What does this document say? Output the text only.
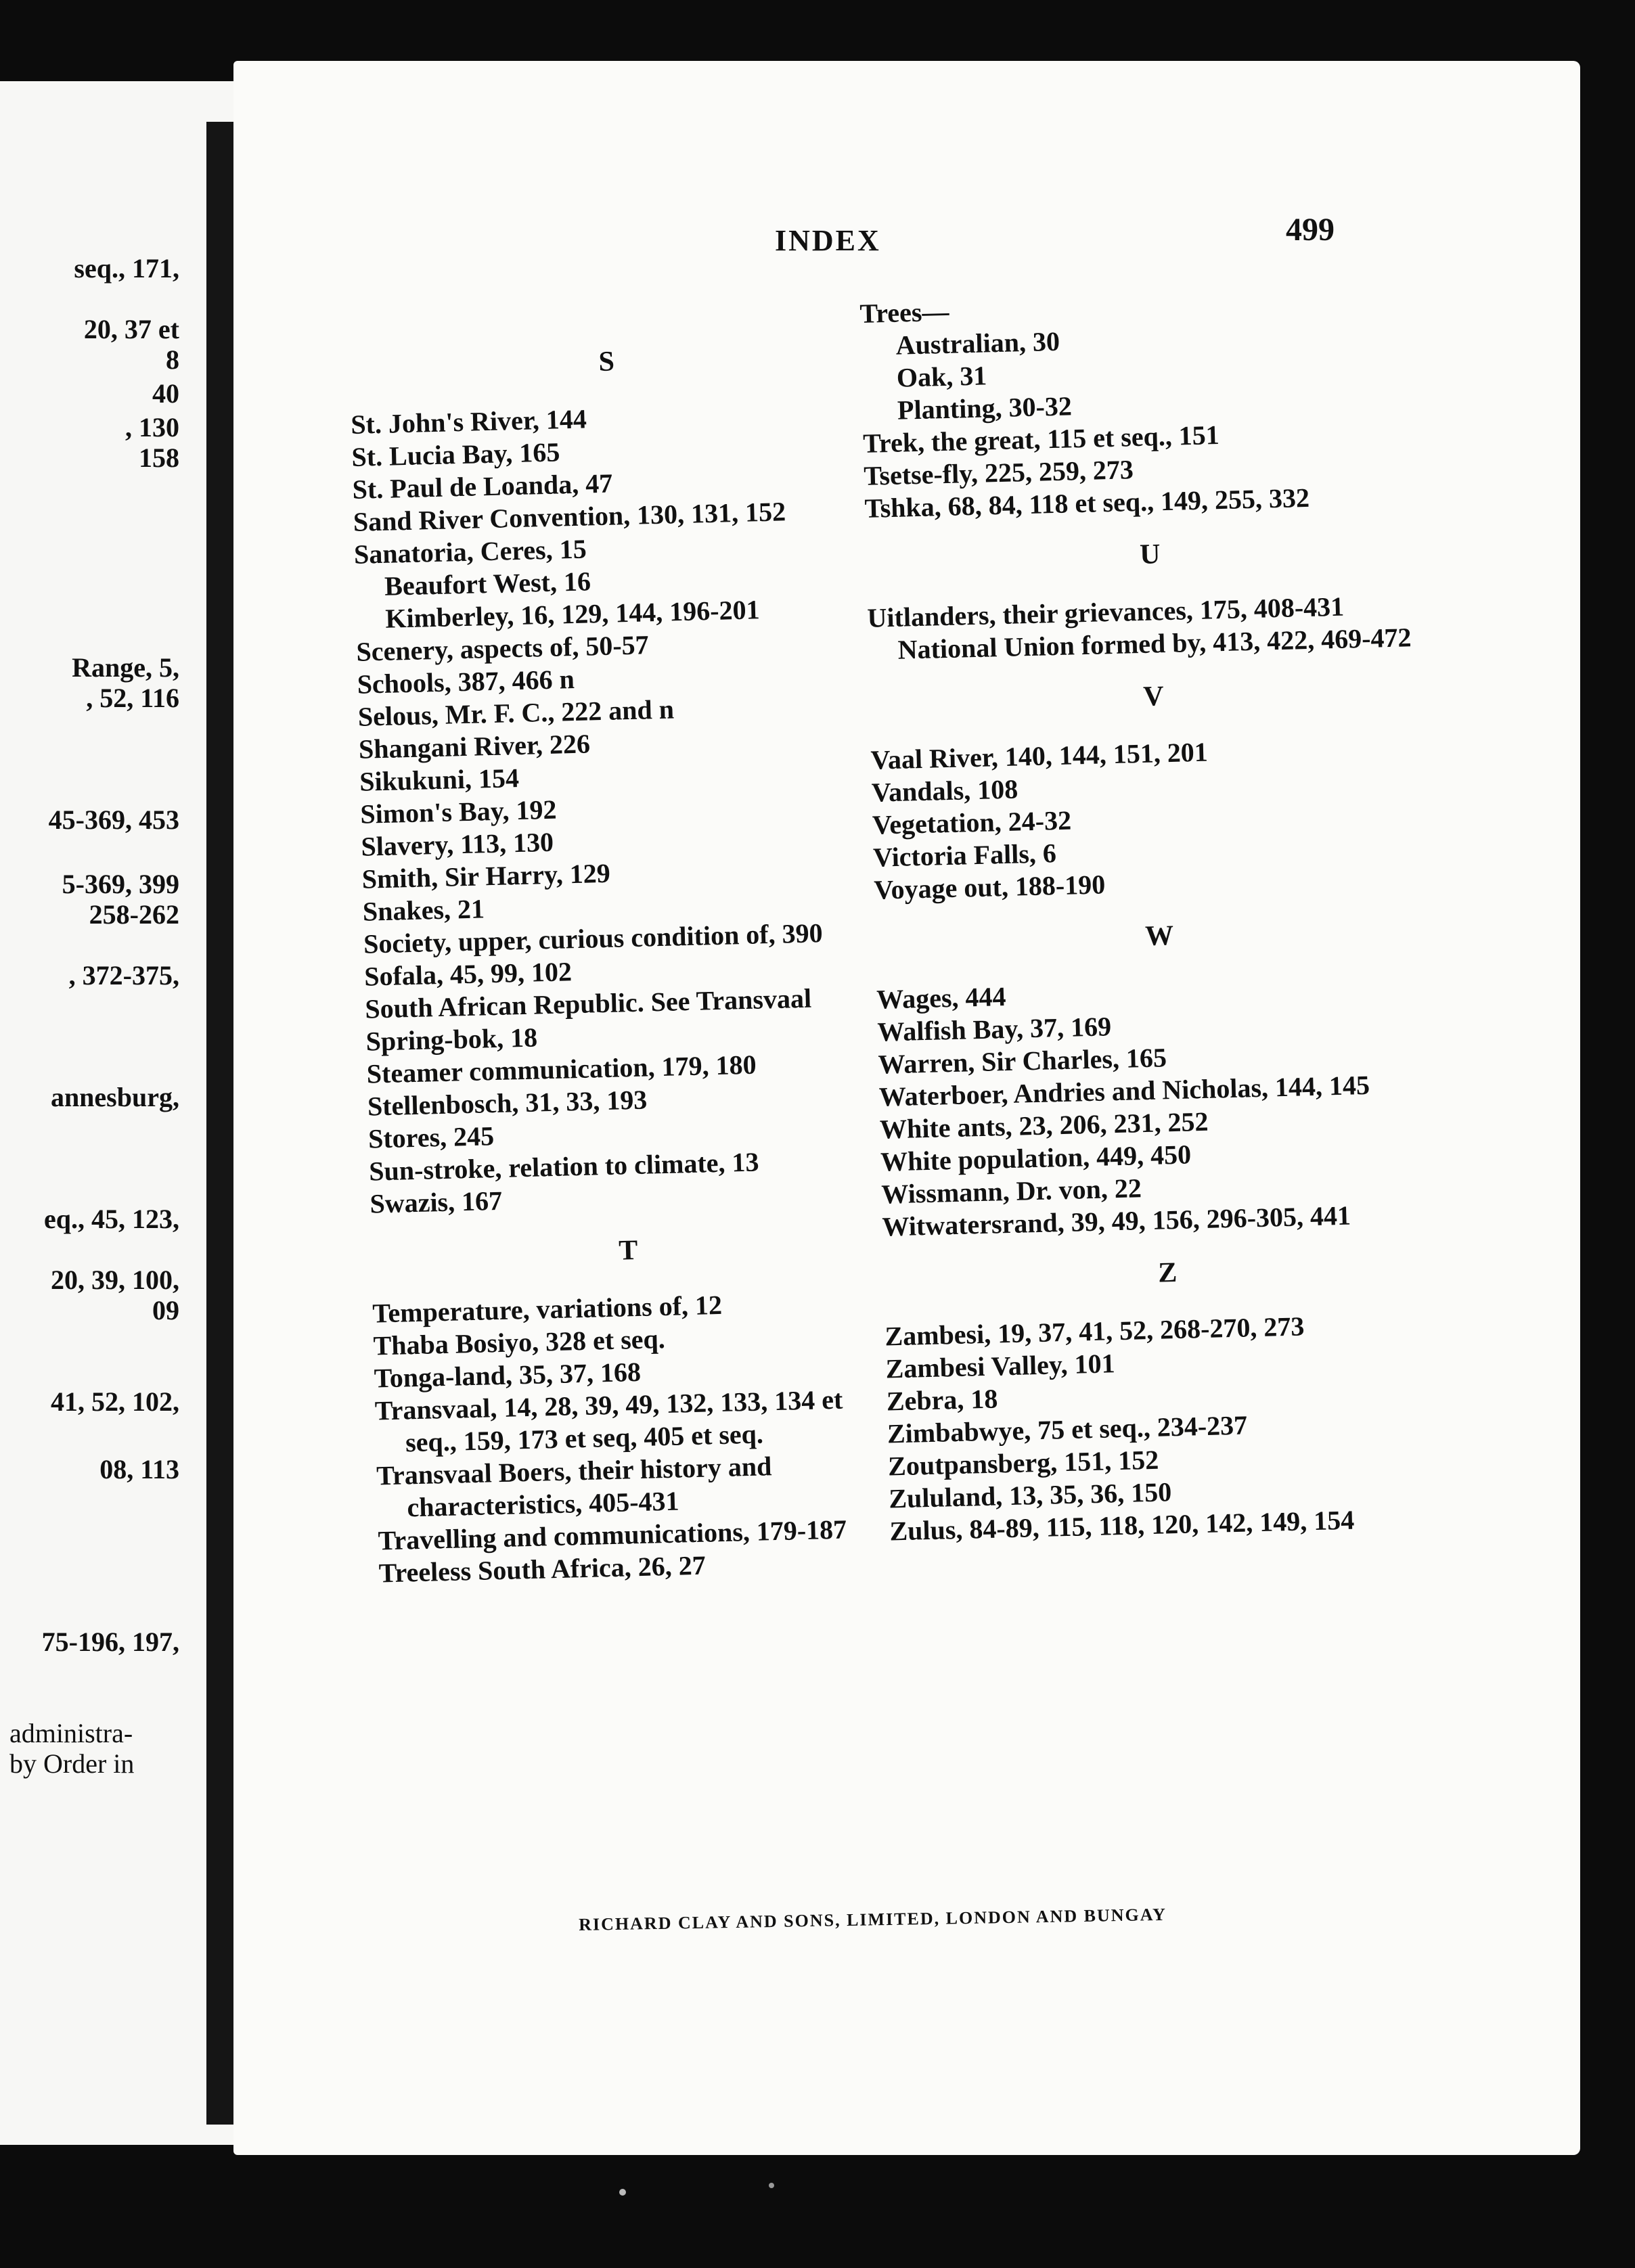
seq., 171,
20, 37 et
8
40
, 130
158
Range, 5,
, 52, 116
45-369, 453
5-369, 399
258-262
, 372-375,
annesburg,
eq., 45, 123,
20, 39, 100,
09
41, 52, 102,
08, 113
75-196, 197,
administra-
by Order in
INDEX	499
S

St. John's River, 144

St. Lucia Bay, 165

St. Paul de Loanda, 47

Sand River Convention, 130, 131, 152

Sanatoria, Ceres, 15

Beaufort West, 16

Kimberley, 16, 129, 144, 196-201

Scenery, aspects of, 50-57

Schools, 387, 466 n

Selous, Mr. F. C., 222 and n

Shangani River, 226

Sikukuni, 154

Simon's Bay, 192

Slavery, 113, 130

Smith, Sir Harry, 129

Snakes, 21

Society, upper, curious condition of, 390

Sofala, 45, 99, 102

South African Republic. See Transvaal

Spring-bok, 18

Steamer communication, 179, 180

Stellenbosch, 31, 33, 193

Stores, 245

Sun-stroke, relation to climate, 13

Swazis, 167

T

Temperature, variations of, 12

Thaba Bosiyo, 328 et seq.

Tonga-land, 35, 37, 168

Transvaal, 14, 28, 39, 49, 132, 133, 134 et seq., 159, 173 et seq, 405 et seq.

Transvaal Boers, their history and characteristics, 405-431

Travelling and communications, 179-187

Treeless South Africa, 26, 27

Trees—

Australian, 30

Oak, 31

Planting, 30-32

Trek, the great, 115 et seq., 151

Tsetse-fly, 225, 259, 273

Tshka, 68, 84, 118 et seq., 149, 255, 332

U

Uitlanders, their grievances, 175, 408-431

National Union formed by, 413, 422, 469-472

V

Vaal River, 140, 144, 151, 201

Vandals, 108

Vegetation, 24-32

Victoria Falls, 6

Voyage out, 188-190

W

Wages, 444

Walfish Bay, 37, 169

Warren, Sir Charles, 165

Waterboer, Andries and Nicholas, 144, 145

White ants, 23, 206, 231, 252

White population, 449, 450

Wissmann, Dr. von, 22

Witwatersrand, 39, 49, 156, 296-305, 441

Z

Zambesi, 19, 37, 41, 52, 268-270, 273

Zambesi Valley, 101

Zebra, 18

Zimbabwye, 75 et seq., 234-237

Zoutpansberg, 151, 152

Zululand, 13, 35, 36, 150

Zulus, 84-89, 115, 118, 120, 142, 149, 154

RICHARD CLAY AND SONS, LIMITED, LONDON AND BUNGAY
